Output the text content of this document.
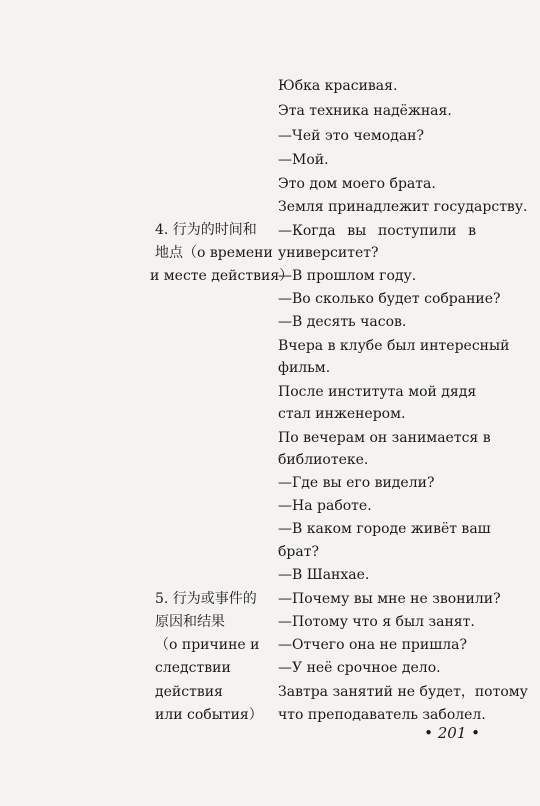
Юбка красивая.
Эта техника надёжная.
—Чей это чемодан?
—Мой.
Это дом моего брата.
Земля принадлежит государству.
—Когда вы поступили в
университет?
—В прошлом году.
—Во сколько будет собрание?
—В десять часов.
Вчера в клубе был интересный
фильм.
После института мой дядя
стал инженером.
По вечерам он занимается в
библиотеке.
—Где вы его видели?
—На работе.
—В каком городе живёт ваш
брат?
—В Шанхае.
—Почему вы мне не звонили?
—Потому что я был занят.
—Отчего она не пришла?
—У неё срочное дело.
Завтра занятий не будет，потому
что преподаватель заболел.
4. 行为的时间和
地点（о времени
и месте действия）
5. 行为或事件的
原因和结果
（о причине и
следствии
действия
или события）
• 201 •
